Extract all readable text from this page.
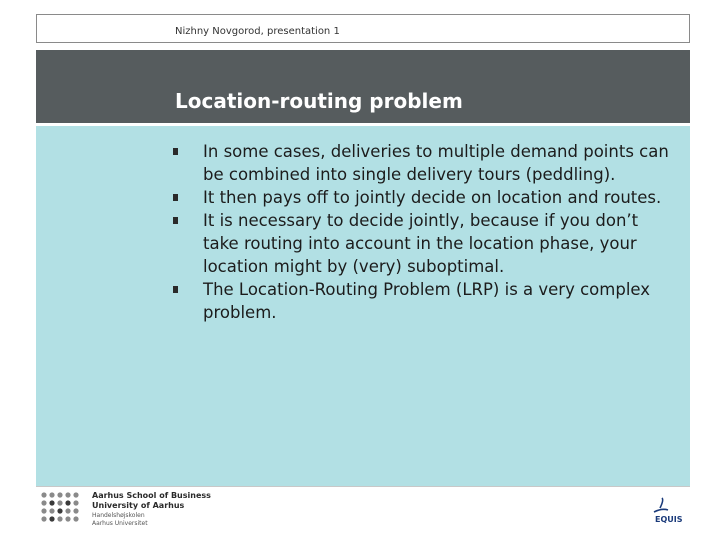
Nizhny Novgorod, presentation 1
Location-routing problem
In some cases, deliveries to multiple demand points can be combined into single delivery tours (peddling).
It then pays off to jointly decide on location and routes.
It is necessary to decide jointly, because if you don’t take routing into account in the location phase, your location might by (very) suboptimal.
The Location-Routing Problem (LRP) is a very complex problem.
Aarhus School of Business
University of Aarhus
Handelshøjskolen
Aarhus Universitet	EQUIS
